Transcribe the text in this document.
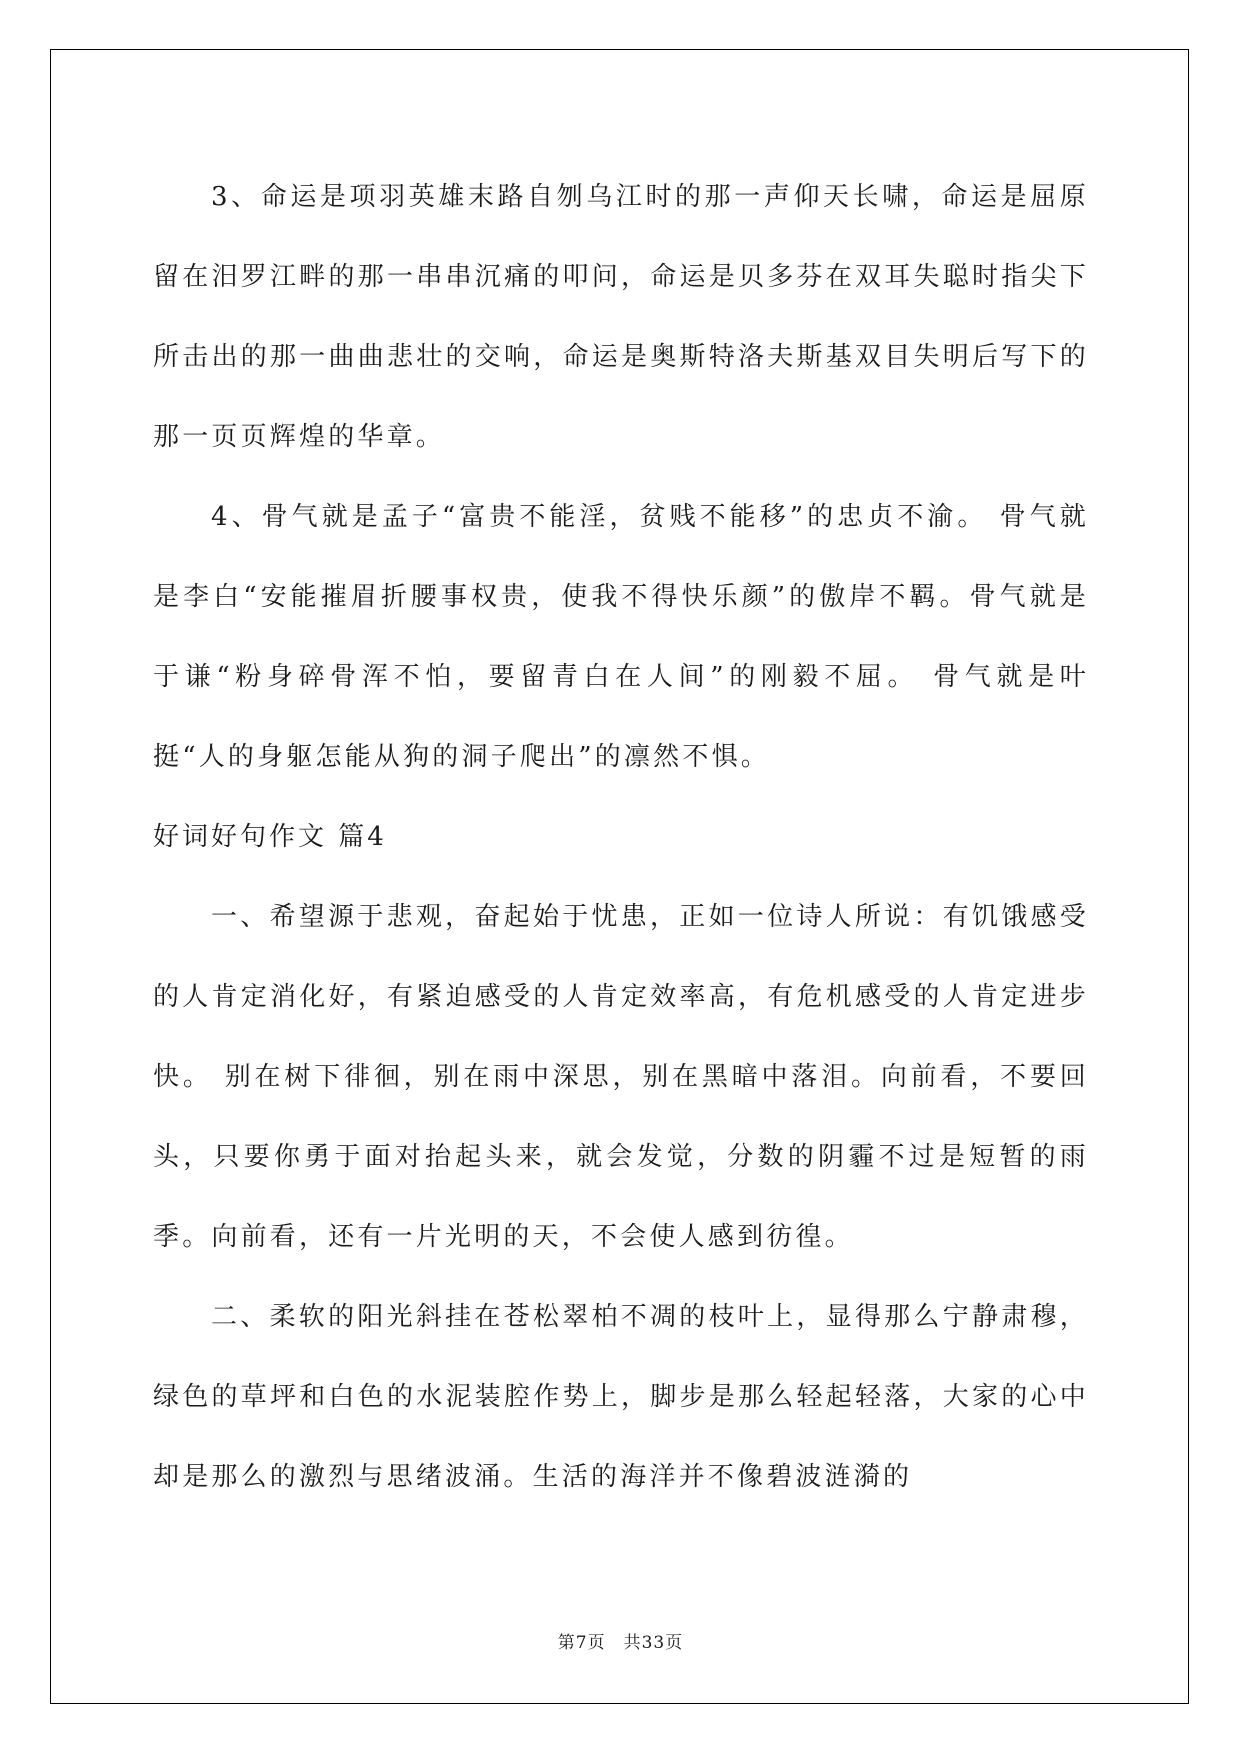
3、命运是项羽英雄末路自刎乌江时的那一声仰天长啸，命运是屈原留在汨罗江畔的那一串串沉痛的叩问，命运是贝多芬在双耳失聪时指尖下所击出的那一曲曲悲壮的交响，命运是奥斯特洛夫斯基双目失明后写下的那一页页辉煌的华章。

4、骨气就是孟子“富贵不能淫，贫贱不能移”的忠贞不渝。 骨气就是李白“安能摧眉折腰事权贵，使我不得快乐颜”的傲岸不羁。骨气就是于谦“粉身碎骨浑不怕，要留青白在人间”的刚毅不屈。 骨气就是叶挺“人的身躯怎能从狗的洞子爬出”的凛然不惧。

好词好句作文 篇4

一、希望源于悲观，奋起始于忧患，正如一位诗人所说：有饥饿感受的人肯定消化好，有紧迫感受的人肯定效率高，有危机感受的人肯定进步快。 别在树下徘徊，别在雨中深思，别在黑暗中落泪。向前看，不要回头，只要你勇于面对抬起头来，就会发觉，分数的阴霾不过是短暂的雨季。向前看，还有一片光明的天，不会使人感到彷徨。

二、柔软的阳光斜挂在苍松翠柏不凋的枝叶上，显得那么宁静肃穆，绿色的草坪和白色的水泥装腔作势上，脚步是那么轻起轻落，大家的心中却是那么的激烈与思绪波涌。生活的海洋并不像碧波涟漪的

第7页　共33页
